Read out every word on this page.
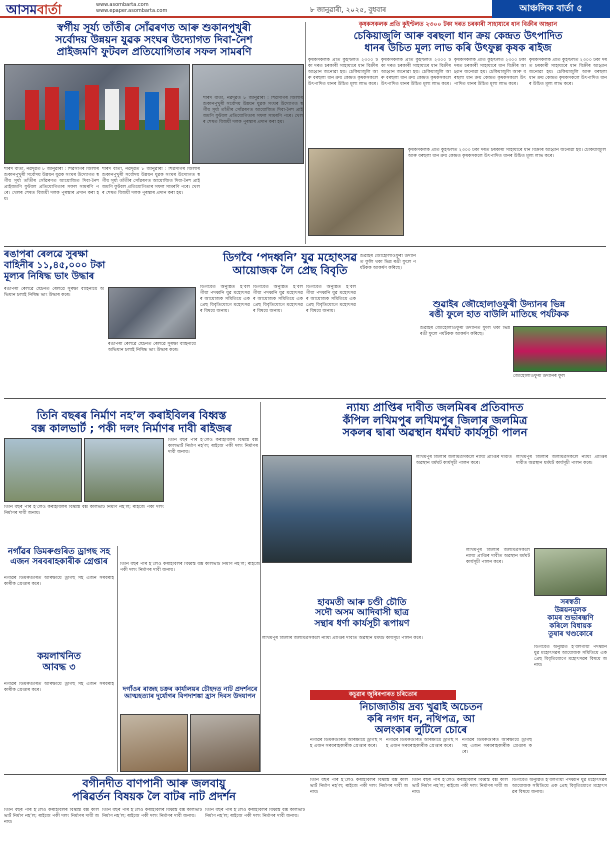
আসমবার্তা	www.asombarta.com
www.epaper.asombarta.com	৮ জানুৱাৰী, ২০২৫, বুধবাৰ	আঞ্চলিক বাৰ্তা ৫
স্বৰ্গীয় সূৰ্য্য তাঁতীৰ সোঁৱৰণত আৰু শুকানপুখুৰী
সৰ্বোদয় উন্নয়ন যুৱক সংঘৰ উদ্যোগত দিবা-নৈশ
প্ৰাইজমণি ফুটবল প্ৰতিযোগিতাৰ সফল সামৰণি
শাৰদ বাৰ্তা, নৱদূৱত ৮ জানুৱাৰী : শিৱসাগৰ জিলাৰ শুকানপুখুৰী সৰ্বোদয় উন্নয়ন যুৱক সংঘৰ উদ্যোগত স্বৰ্গীয় সূৰ্য্য তাঁতীৰ সোঁৱৰণত আয়োজিত দিবা-নৈশ প্ৰাইজমণি ফুটবল প্ৰতিযোগিতাৰ সফল সামৰণি পৰে। খেলৰ শেষত বিজয়ী দলক পুৰস্কাৰ প্ৰদান কৰা হয়।
শাৰদ বাৰ্তা, নৱদূৱত ৮ জানুৱাৰী : শিৱসাগৰ জিলাৰ শুকানপুখুৰী সৰ্বোদয় উন্নয়ন যুৱক সংঘৰ উদ্যোগত স্বৰ্গীয় সূৰ্য্য তাঁতীৰ সোঁৱৰণত আয়োজিত দিবা-নৈশ প্ৰাইজমণি ফুটবল প্ৰতিযোগিতাৰ সফল সামৰণি পৰে। খেলৰ শেষত বিজয়ী দলক পুৰস্কাৰ প্ৰদান কৰা হয়।
শাৰদ বাৰ্তা, নৱদূৱত ৮ জানুৱাৰী : শিৱসাগৰ জিলাৰ শুকানপুখুৰী সৰ্বোদয় উন্নয়ন যুৱক সংঘৰ উদ্যোগত স্বৰ্গীয় সূৰ্য্য তাঁতীৰ সোঁৱৰণত আয়োজিত দিবা-নৈশ প্ৰাইজমণি ফুটবল প্ৰতিযোগিতাৰ সফল সামৰণি পৰে। খেলৰ শেষত বিজয়ী দলক পুৰস্কাৰ প্ৰদান কৰা হয়।
কৃষকসকলক প্ৰতি কুইণ্টলত ২৩০০ টকা দৰত চৰকাৰী সাহায্যৰে ধান বিক্ৰীৰ আহ্বান
চেকিয়াজুলি আৰু বৰছলা ধান ক্ৰয় কেন্দ্ৰত উৎপাদিত
ধানৰ উচিত মূল্য লাভ কৰি উৎফুল্ল কৃষক ৰাইজ
কৃষকসকলক প্ৰতি কুইণ্টলত ২৩০০ টকা দৰত চৰকাৰী সাহায্যৰে ধান বিক্ৰীৰ আহ্বান জনোৱা হয়। চেকিয়াজুলি আৰু বৰছলা ধান ক্ৰয় কেন্দ্ৰত কৃষকসকলে উৎপাদিত ধানৰ উচিত মূল্য লাভ কৰে।
কৃষকসকলক প্ৰতি কুইণ্টলত ২৩০০ টকা দৰত চৰকাৰী সাহায্যৰে ধান বিক্ৰীৰ আহ্বান জনোৱা হয়। চেকিয়াজুলি আৰু বৰছলা ধান ক্ৰয় কেন্দ্ৰত কৃষকসকলে উৎপাদিত ধানৰ উচিত মূল্য লাভ কৰে।
কৃষকসকলক প্ৰতি কুইণ্টলত ২৩০০ টকা দৰত চৰকাৰী সাহায্যৰে ধান বিক্ৰীৰ আহ্বান জনোৱা হয়। চেকিয়াজুলি আৰু বৰছলা ধান ক্ৰয় কেন্দ্ৰত কৃষকসকলে উৎপাদিত ধানৰ উচিত মূল্য লাভ কৰে।
কৃষকসকলক প্ৰতি কুইণ্টলত ২৩০০ টকা দৰত চৰকাৰী সাহায্যৰে ধান বিক্ৰীৰ আহ্বান জনোৱা হয়। চেকিয়াজুলি আৰু বৰছলা ধান ক্ৰয় কেন্দ্ৰত কৃষকসকলে উৎপাদিত ধানৰ উচিত মূল্য লাভ কৰে।
কৃষকসকলক প্ৰতি কুইণ্টলত ২৩০০ টকা দৰত চৰকাৰী সাহায্যৰে ধান বিক্ৰীৰ আহ্বান জনোৱা হয়। চেকিয়াজুলি আৰু বৰছলা ধান ক্ৰয় কেন্দ্ৰত কৃষকসকলে উৎপাদিত ধানৰ উচিত মূল্য লাভ কৰে।
ৰঙাপৰা ৰেলৱে সুৰক্ষা
বাহিনীৰ ১১,৪৫,০০০ টকা
মূল্যৰ নিষিদ্ধ ভাং উদ্ধাৰ
ৰঙাপৰা ৰেলৱে ষ্টেচনত ৰেলৱে সুৰক্ষা বাহিনীয়ে অভিযান চলাই নিষিদ্ধ ভাং উদ্ধাৰ কৰে।
ৰঙাপৰা ৰেলৱে ষ্টেচনত ৰেলৱে সুৰক্ষা বাহিনীয়ে অভিযান চলাই নিষিদ্ধ ভাং উদ্ধাৰ কৰে।
ডিগবৈ ‘পদধ্বনি’ যুৱ মহোৎসৱ
আয়োজক লৈ প্ৰেছ বিবৃতি
ডিগবৈত অনুষ্ঠিত হ’বলগীয়া পদধ্বনি যুৱ মহোৎসৱৰ আয়োজক সমিতিয়ে এক প্ৰেছ বিবৃতিযোগে মহোৎসৱৰ বিষয়ে জনায়।
ডিগবৈত অনুষ্ঠিত হ’বলগীয়া পদধ্বনি যুৱ মহোৎসৱৰ আয়োজক সমিতিয়ে এক প্ৰেছ বিবৃতিযোগে মহোৎসৱৰ বিষয়ে জনায়।
ডিগবৈত অনুষ্ঠিত হ’বলগীয়া পদধ্বনি যুৱ মহোৎসৱৰ আয়োজক সমিতিয়ে এক প্ৰেছ বিবৃতিযোগে মহোৎসৱৰ বিষয়ে জনায়।
শুৱাইৰ জৌহোলাওফুৰী উদ্যানৰ ভিন্ন
ৰঙী ফুলে হাত বাউলি মাতিছে পৰ্যটকক
শুৱাইৰ জৌহোলাওফুৰী উদ্যানত ফুলি থকা ভিন্ন ৰঙী ফুলে পৰ্যটকক আকৰ্ষণ কৰিছে।
শুৱাইৰ জৌহোলাওফুৰী উদ্যানত ফুলি থকা ভিন্ন ৰঙী ফুলে পৰ্যটকক আকৰ্ষণ কৰিছে।
জৌহোলাওফুৰী উদ্যানৰ ফুল
ন্যায্য প্ৰাপ্তিৰ দাবীত জলমিৰৰ প্ৰতিবাদত
কঁপিল লখিমপুৰ লখিমপুৰ জিলাৰ জলমিত্ৰ
সকলৰ দ্বাৰা অৱস্থান ধৰ্মঘট কাৰ্যসূচী পালন
লখিমপুৰ জিলাৰ জলমিত্ৰসকলে ন্যায্য প্ৰাপ্তিৰ দাবীত অৱস্থান ধৰ্মঘট কাৰ্যসূচী পালন কৰে।
লখিমপুৰ জিলাৰ জলমিত্ৰসকলে ন্যায্য প্ৰাপ্তিৰ দাবীত অৱস্থান ধৰ্মঘট কাৰ্যসূচী পালন কৰে।
তিনি বছৰৰ নিৰ্মাণ নহ’ল কৰাইবিলৰ বিধ্বস্ত
বক্স কালভাৰ্ট ; পকী দলং নিৰ্মাণৰ দাবী ৰাইজৰ
তিনি বছৰ পাৰ হ’লেও কৰাইবিলৰ বিধ্বস্ত বক্স কালভাৰ্ট নিৰ্মাণ নহ’ল; ৰাইজে পকী দলং নিৰ্মাণৰ দাবী জনায়।
তিনি বছৰ পাৰ হ’লেও কৰাইবিলৰ বিধ্বস্ত বক্স কালভাৰ্ট নিৰ্মাণ নহ’ল; ৰাইজে পকী দলং নিৰ্মাণৰ দাবী জনায়।
নগাঁৱৰ ডিমৰুগুৰিত ড্ৰাগছ সহ
এজন সৰবৰাহকাৰীক গ্ৰেপ্তাৰ
নগাঁৱৰ ডিমৰুগুৰিত আৰক্ষীয়ে ড্ৰাগছ সহ এজন সৰবৰাহকাৰীক গ্ৰেপ্তাৰ কৰে।
কয়লাখনিত
আবদ্ধ ৩
নগাঁৱৰ ডিমৰুগুৰিত আৰক্ষীয়ে ড্ৰাগছ সহ এজন সৰবৰাহকাৰীক গ্ৰেপ্তাৰ কৰে।
হাবমতী আৰু চণ্ডী চৌতি
সদৌ অসম আদিবাসী ছাত্ৰ
সন্থাৰ ধৰ্ণা কাৰ্যসূচী ৰূপায়ণ
লখিমপুৰ জিলাৰ জলমিত্ৰসকলে ন্যায্য প্ৰাপ্তিৰ দাবীত অৱস্থান ধৰ্মঘট কাৰ্যসূচী পালন কৰে।
লখিমপুৰ জিলাৰ জলমিত্ৰসকলে ন্যায্য প্ৰাপ্তিৰ দাবীত অৱস্থান ধৰ্মঘট কাৰ্যসূচী পালন কৰে।
দগাঁওৰ ৰাজহ চক্ৰৰ কাৰ্যালয়ৰ চৌহদত নাট প্ৰদৰ্শনৰে আত্মহত্যাৰ দুৰ্যোগৰ বিপদাশঙ্কা হ্ৰাস দিবস উদযাপন
তিনি বছৰ পাৰ হ’লেও কৰাইবিলৰ বিধ্বস্ত বক্স কালভাৰ্ট নিৰ্মাণ নহ’ল; ৰাইজে পকী দলং নিৰ্মাণৰ দাবী জনায়।
সৰস্বতী
উন্নয়নমূলক
কামৰ শুভাৰম্ভণি
কৰিলে বিধায়ক
তুষাৰ খণ্ডকোৰে
ডিগবৈত অনুষ্ঠিত হ’বলগীয়া পদধ্বনি যুৱ মহোৎসৱৰ আয়োজক সমিতিয়ে এক প্ৰেছ বিবৃতিযোগে মহোৎসৱৰ বিষয়ে জনায়।
কচুৱাৰ জুৰিৰপাৰত চৰিতোৰ
নিচাজাতীয় দ্ৰব্য খুৱাই অচেতন
কৰি নগদ ধন, নথিপত্ৰ, আ
অলংকাৰ লুটিলে চোৰে
নগাঁৱৰ ডিমৰুগুৰিত আৰক্ষীয়ে ড্ৰাগছ সহ এজন সৰবৰাহকাৰীক গ্ৰেপ্তাৰ কৰে।
নগাঁৱৰ ডিমৰুগুৰিত আৰক্ষীয়ে ড্ৰাগছ সহ এজন সৰবৰাহকাৰীক গ্ৰেপ্তাৰ কৰে।
নগাঁৱৰ ডিমৰুগুৰিত আৰক্ষীয়ে ড্ৰাগছ সহ এজন সৰবৰাহকাৰীক গ্ৰেপ্তাৰ কৰে।
বগীনদীত বাণপানী আৰু জলবায়ু
পৰিৱৰ্তন বিষয়ক লৈ বাটৰ নাট প্ৰদৰ্শন
তিনি বছৰ পাৰ হ’লেও কৰাইবিলৰ বিধ্বস্ত বক্স কালভাৰ্ট নিৰ্মাণ নহ’ল; ৰাইজে পকী দলং নিৰ্মাণৰ দাবী জনায়।
তিনি বছৰ পাৰ হ’লেও কৰাইবিলৰ বিধ্বস্ত বক্স কালভাৰ্ট নিৰ্মাণ নহ’ল; ৰাইজে পকী দলং নিৰ্মাণৰ দাবী জনায়।
তিনি বছৰ পাৰ হ’লেও কৰাইবিলৰ বিধ্বস্ত বক্স কালভাৰ্ট নিৰ্মাণ নহ’ল; ৰাইজে পকী দলং নিৰ্মাণৰ দাবী জনায়।
তিনি বছৰ পাৰ হ’লেও কৰাইবিলৰ বিধ্বস্ত বক্স কালভাৰ্ট নিৰ্মাণ নহ’ল; ৰাইজে পকী দলং নিৰ্মাণৰ দাবী জনায়।
তিনি বছৰ পাৰ হ’লেও কৰাইবিলৰ বিধ্বস্ত বক্স কালভাৰ্ট নিৰ্মাণ নহ’ল; ৰাইজে পকী দলং নিৰ্মাণৰ দাবী জনায়।
ডিগবৈত অনুষ্ঠিত হ’বলগীয়া পদধ্বনি যুৱ মহোৎসৱৰ আয়োজক সমিতিয়ে এক প্ৰেছ বিবৃতিযোগে মহোৎসৱৰ বিষয়ে জনায়।
